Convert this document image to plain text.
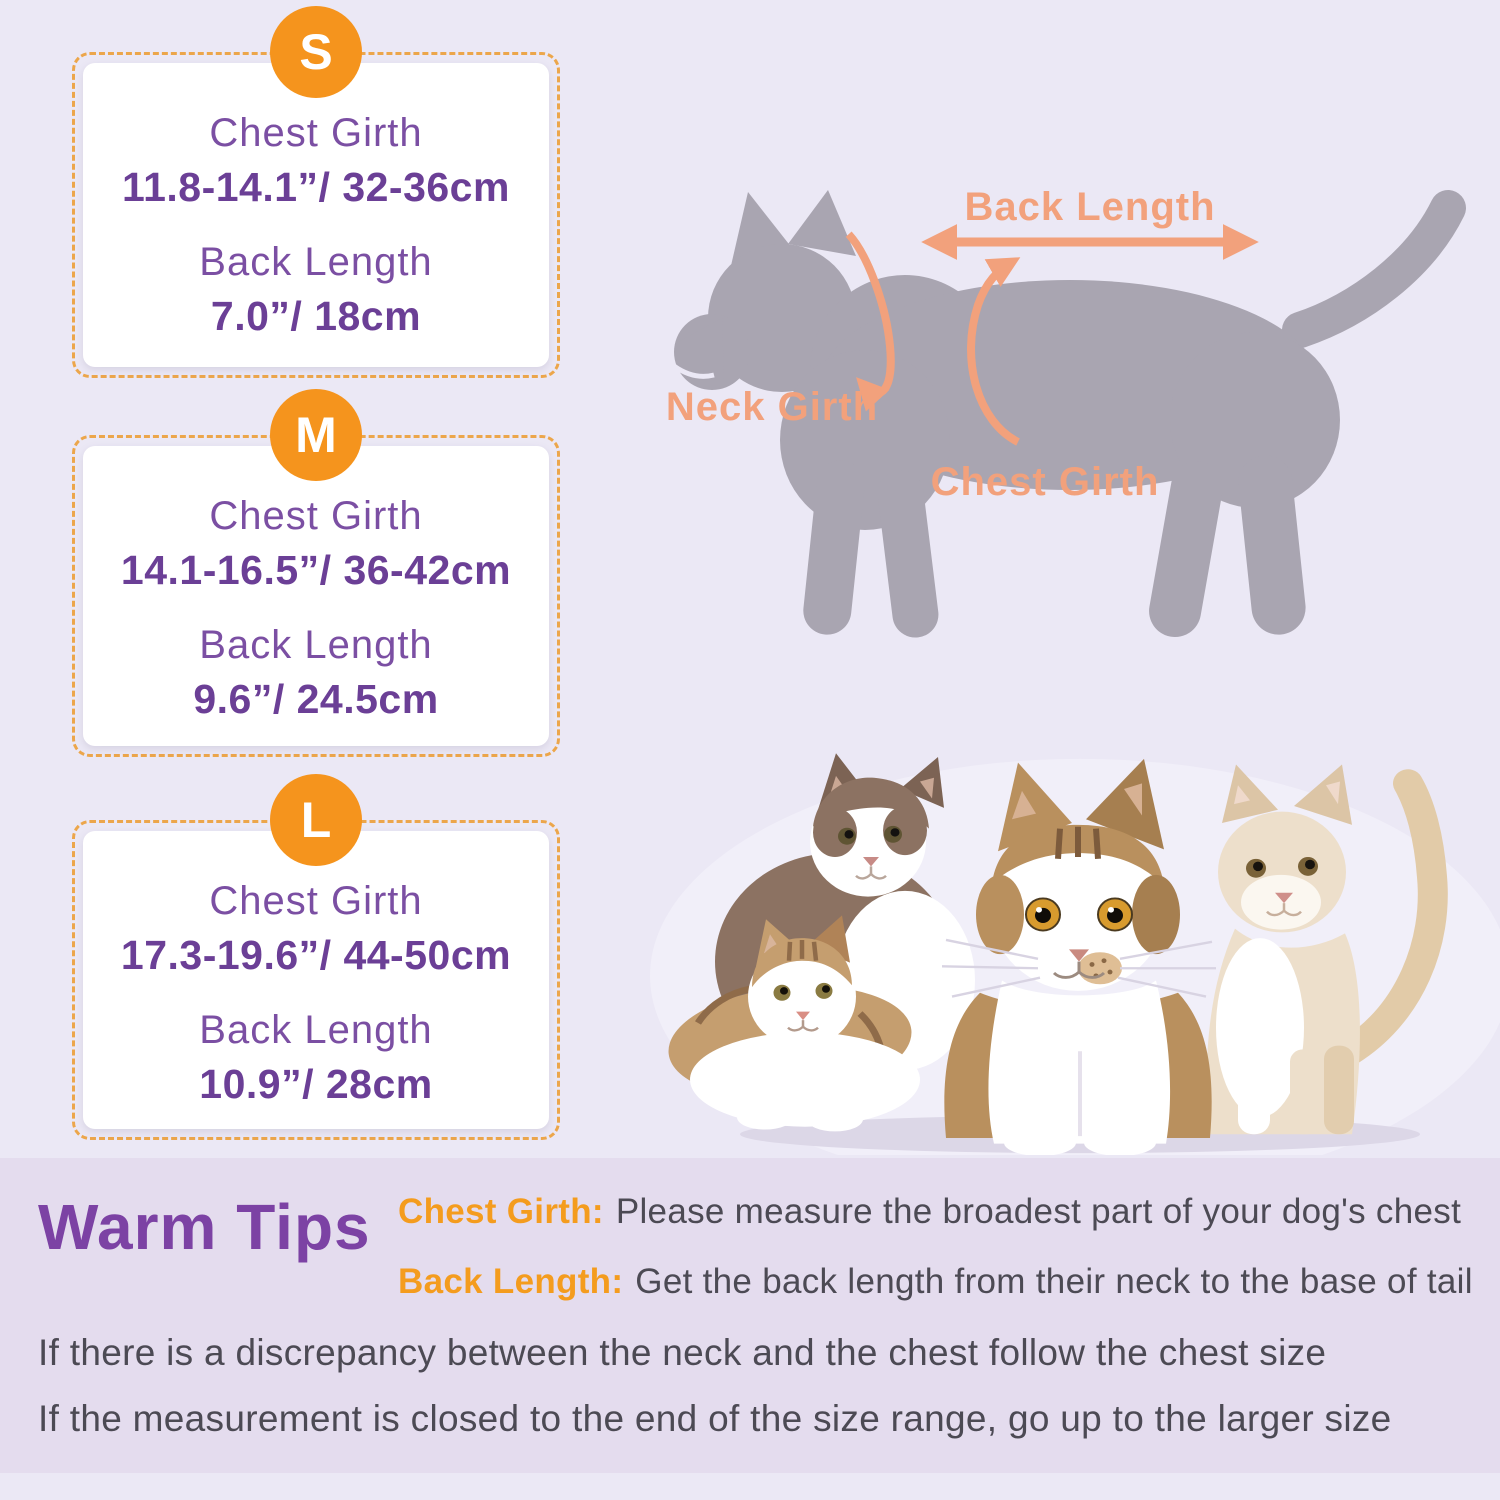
S
Chest Girth
11.8-14.1”/ 32-36cm
Back Length
7.0”/ 18cm
M
Chest Girth
14.1-16.5”/ 36-42cm
Back Length
9.6”/ 24.5cm
L
Chest Girth
17.3-19.6”/ 44-50cm
Back Length
10.9”/ 28cm
Back Length
Neck Girth
Chest Girth
Warm Tips Chest Girth: Please measure the broadest part of your dog's chest
Back Length: Get the back length from their neck to the base of tail
If there is a discrepancy between the neck and the chest follow the chest size
If the measurement is closed to the end of the size range, go up to the larger size
